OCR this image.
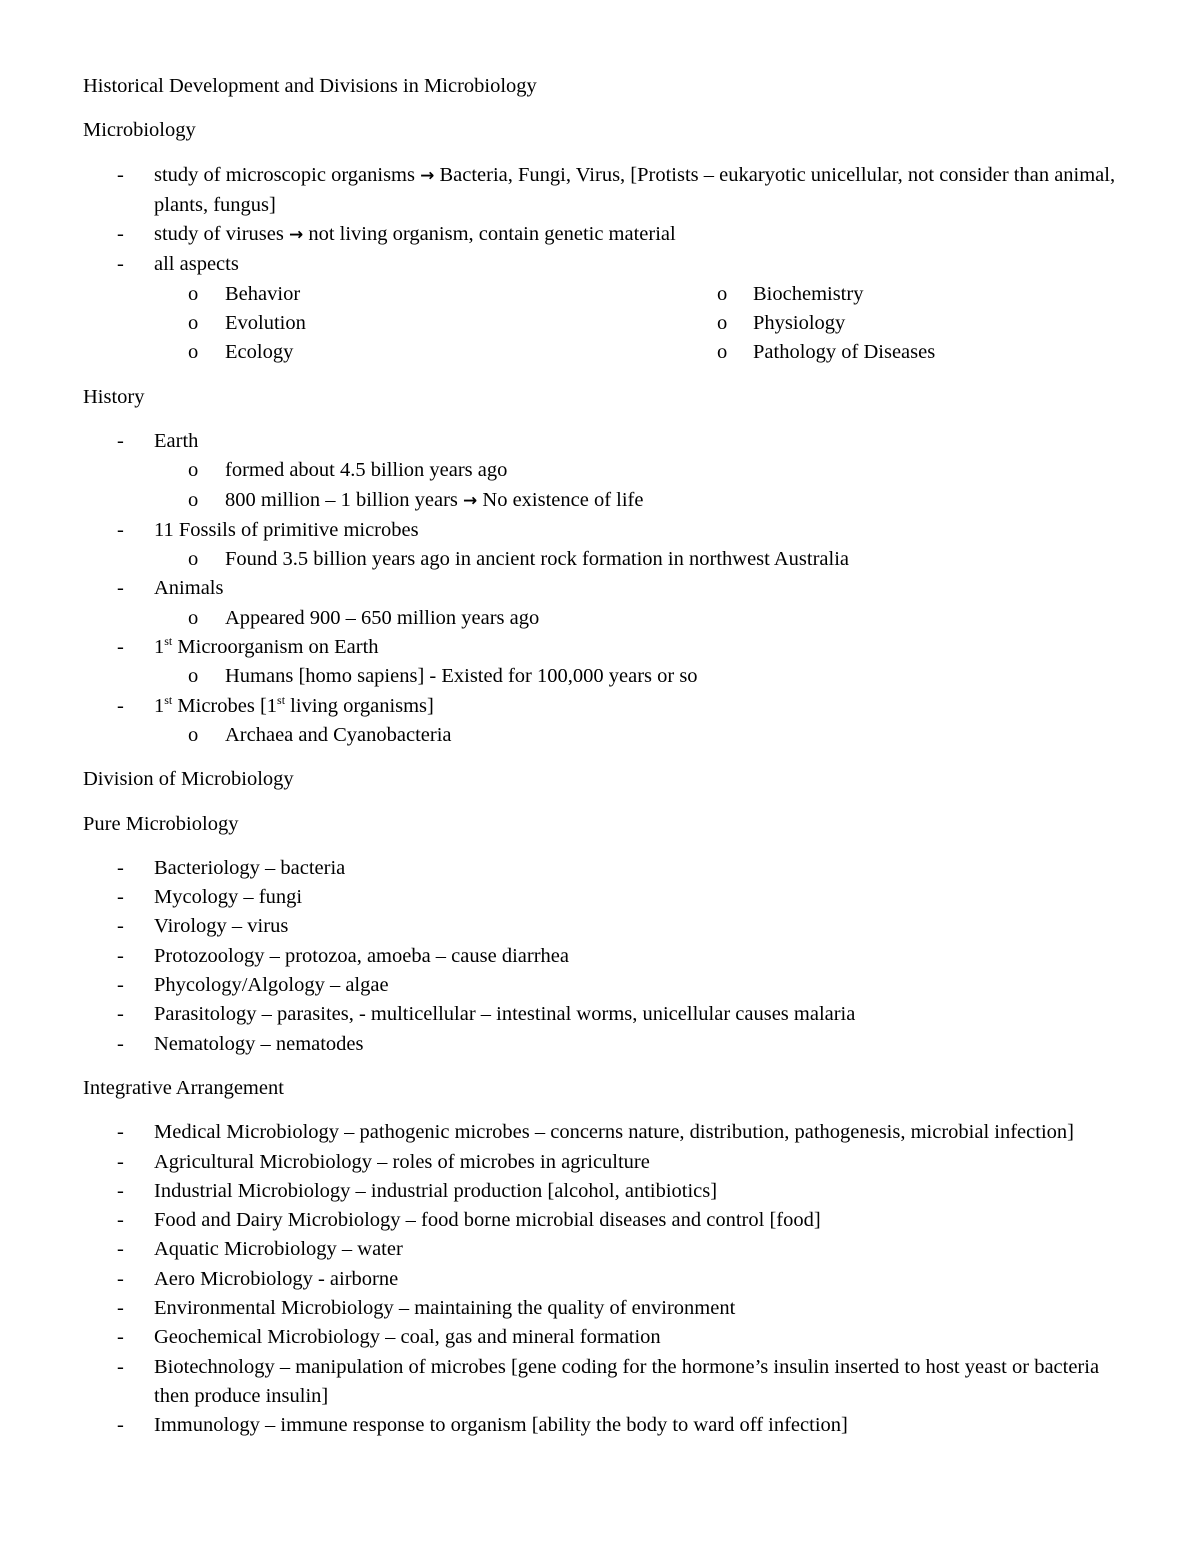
Historical Development and Divisions in Microbiology
Microbiology
- study of microscopic organisms → Bacteria, Fungi, Virus, [Protists – eukaryotic unicellular, not consider than animal, plants, fungus]
- study of viruses → not living organism, contain genetic material
- all aspects
o Behavior	o Biochemistry
o Evolution	o Physiology
o Ecology	o Pathology of Diseases
History
- Earth
o formed about 4.5 billion years ago
o 800 million – 1 billion years → No existence of life
- 11 Fossils of primitive microbes
o Found 3.5 billion years ago in ancient rock formation in northwest Australia
- Animals
o Appeared 900 – 650 million years ago
- 1st Microorganism on Earth
o Humans [homo sapiens] - Existed for 100,000 years or so
- 1st Microbes [1st living organisms]
o Archaea and Cyanobacteria
Division of Microbiology
Pure Microbiology
- Bacteriology – bacteria
- Mycology – fungi
- Virology – virus
- Protozoology – protozoa, amoeba – cause diarrhea
- Phycology/Algology – algae
- Parasitology – parasites, - multicellular – intestinal worms, unicellular causes malaria
- Nematology – nematodes
Integrative Arrangement
- Medical Microbiology – pathogenic microbes – concerns nature, distribution, pathogenesis, microbial infection]
- Agricultural Microbiology – roles of microbes in agriculture
- Industrial Microbiology – industrial production [alcohol, antibiotics]
- Food and Dairy Microbiology – food borne microbial diseases and control [food]
- Aquatic Microbiology – water
- Aero Microbiology - airborne
- Environmental Microbiology – maintaining the quality of environment
- Geochemical Microbiology – coal, gas and mineral formation
- Biotechnology – manipulation of microbes [gene coding for the hormone’s insulin inserted to host yeast or bacteria then produce insulin]
- Immunology – immune response to organism [ability the body to ward off infection]
